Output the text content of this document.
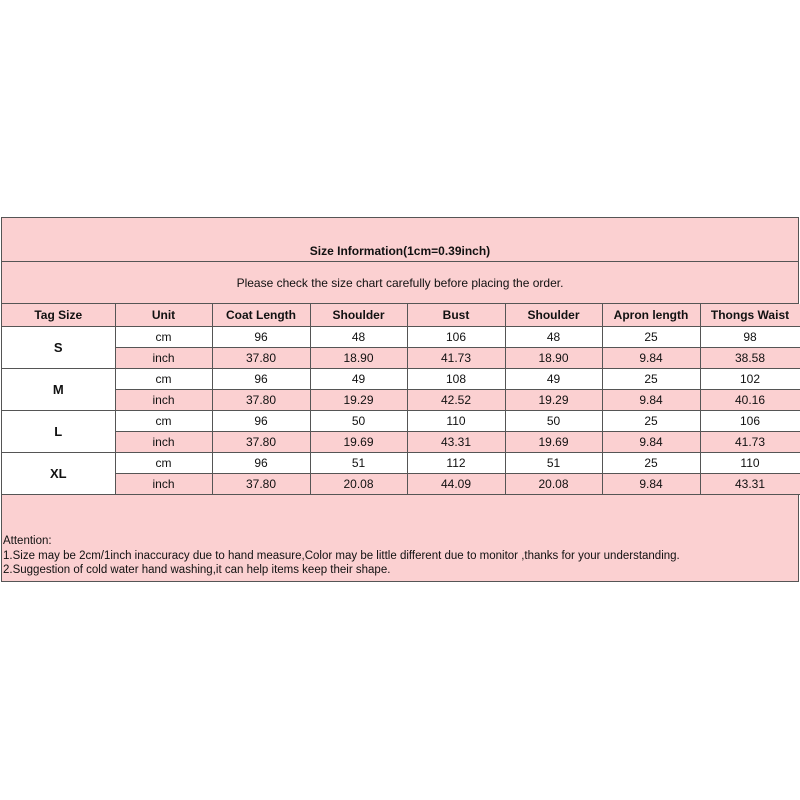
Size Information(1cm=0.39inch)
Please check the size chart carefully before placing the order.
Tag Size	Unit	Coat Length	Shoulder	Bust	Shoulder	Apron length	Thongs Waist
S	cm	96	48	106	48	25	98
	inch	37.80	18.90	41.73	18.90	9.84	38.58
M	cm	96	49	108	49	25	102
	inch	37.80	19.29	42.52	19.29	9.84	40.16
L	cm	96	50	110	50	25	106
	inch	37.80	19.69	43.31	19.69	9.84	41.73
XL	cm	96	51	112	51	25	110
	inch	37.80	20.08	44.09	20.08	9.84	43.31
Attention:
1.Size may be 2cm/1inch inaccuracy due to hand measure,Color may be little different due to monitor ,thanks for your understanding.
2.Suggestion of cold water hand washing,it can help items keep their shape.
